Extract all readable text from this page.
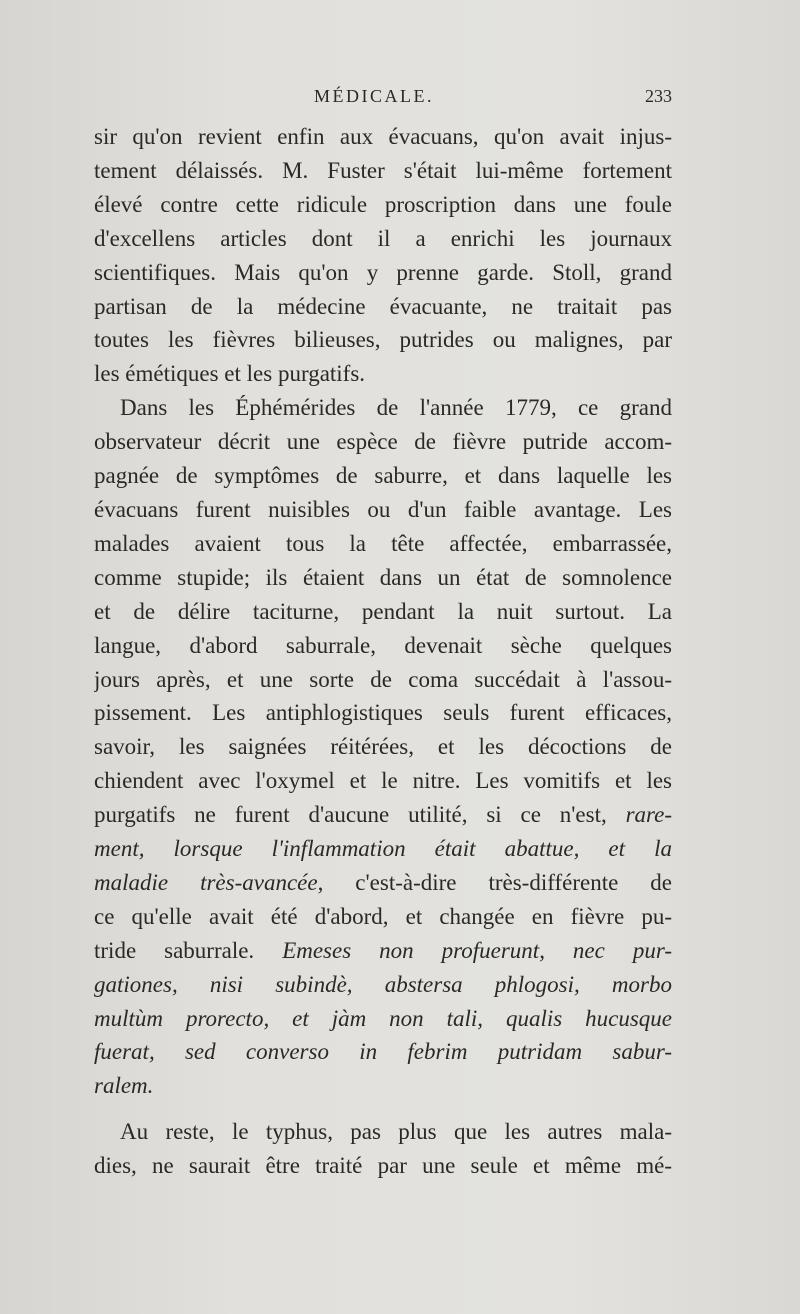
MÉDICALE.	233
sir qu'on revient enfin aux évacuans, qu'on avait injus-
tement délaissés. M. Fuster s'était lui-même fortement
élevé contre cette ridicule proscription dans une foule
d'excellens articles dont il a enrichi les journaux
scientifiques. Mais qu'on y prenne garde. Stoll, grand
partisan de la médecine évacuante, ne traitait pas
toutes les fièvres bilieuses, putrides ou malignes, par
les émétiques et les purgatifs.
Dans les Éphémérides de l'année 1779, ce grand
observateur décrit une espèce de fièvre putride accom-
pagnée de symptômes de saburre, et dans laquelle les
évacuans furent nuisibles ou d'un faible avantage. Les
malades avaient tous la tête affectée, embarrassée,
comme stupide; ils étaient dans un état de somnolence
et de délire taciturne, pendant la nuit surtout. La
langue, d'abord saburrale, devenait sèche quelques
jours après, et une sorte de coma succédait à l'assou-
pissement. Les antiphlogistiques seuls furent efficaces,
savoir, les saignées réitérées, et les décoctions de
chiendent avec l'oxymel et le nitre. Les vomitifs et les
purgatifs ne furent d'aucune utilité, si ce n'est, rare-
ment, lorsque l'inflammation était abattue, et la
maladie très-avancée, c'est-à-dire très-différente de
ce qu'elle avait été d'abord, et changée en fièvre pu-
tride saburrale. Emeses non profuerunt, nec pur-
gationes, nisi subindè, abstersa phlogosi, morbo
multùm prorecto, et jàm non tali, qualis hucusque
fuerat, sed converso in febrim putridam sabur-
ralem.
Au reste, le typhus, pas plus que les autres mala-
dies, ne saurait être traité par une seule et même mé-
